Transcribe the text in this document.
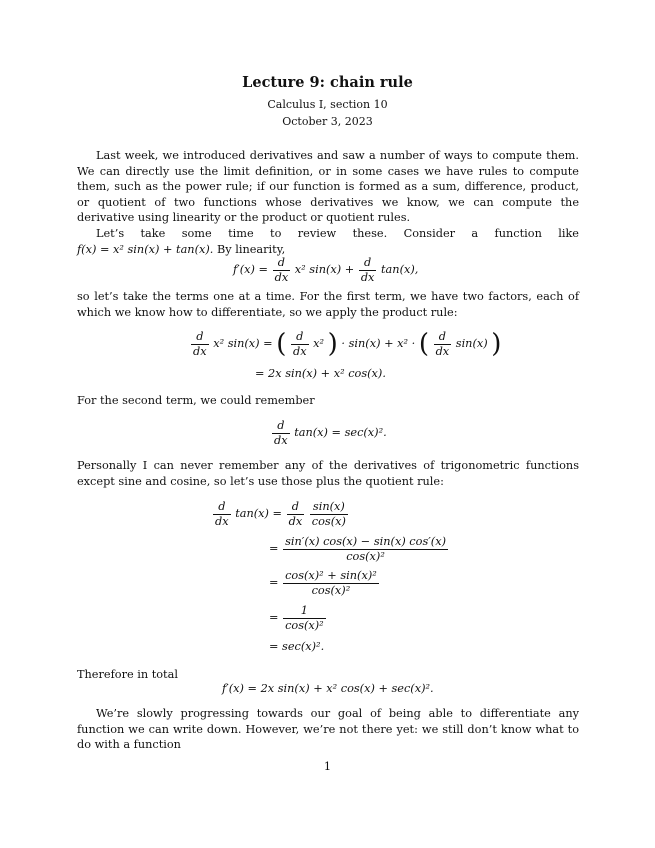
Lecture 9: chain rule
Calculus I, section 10
October 3, 2023
Last week, we introduced derivatives and saw a number of ways to compute them. We can directly use the limit definition, or in some cases we have rules to compute them, such as the power rule; if our function is formed as a sum, difference, product, or quotient of two functions whose derivatives we know, we can compute the derivative using linearity or the product or quotient rules.
Let’s take some time to review these. Consider a function like f(x) = x² sin(x) + tan(x). By linearity,
$f'(x) = \frac{d}{dx} x^2$ $\sin(x) + \frac{d}{dx} \tan(x)$,
so let’s take the terms one at a time. For the first term, we have two factors, each of which we know how to differentiate, so we apply the product rule:
$\frac{d}{dx} x^2$ sin(x) = ( $\frac{d}{dx} x^2$ ) · sin(x) + x² · ( $\frac{d}{dx} \sin(x)$ )
= 2x sin(x) + x² cos(x).
For the second term, we could remember
$\frac{d}{dx} \tan(x) = \sec(x)^2$.
Personally I can never remember any of the derivatives of trigonometric functions except sine and cosine, so let’s use those plus the quotient rule:
$\frac{d}{dx} \tan(x) = \frac{d}{dx}$
$\frac{\sin(x)}{\cos(x)}$
= $\frac{\sin'(x) \cos(x) - \sin(x) \cos'(x)}{\text{cos(x)²}}$
= $\frac{\text{cos(x)² + sin(x)²}}{\text{cos(x)²}}$
= $\frac{1}{\text{cos(x)²}}$
= sec(x)².
Therefore in total
f′(x) = 2x sin(x) + x² cos(x) + sec(x)².
We’re slowly progressing towards our goal of being able to differentiate any function we can write down. However, we’re not there yet: we still don’t know what to do with a function
1
